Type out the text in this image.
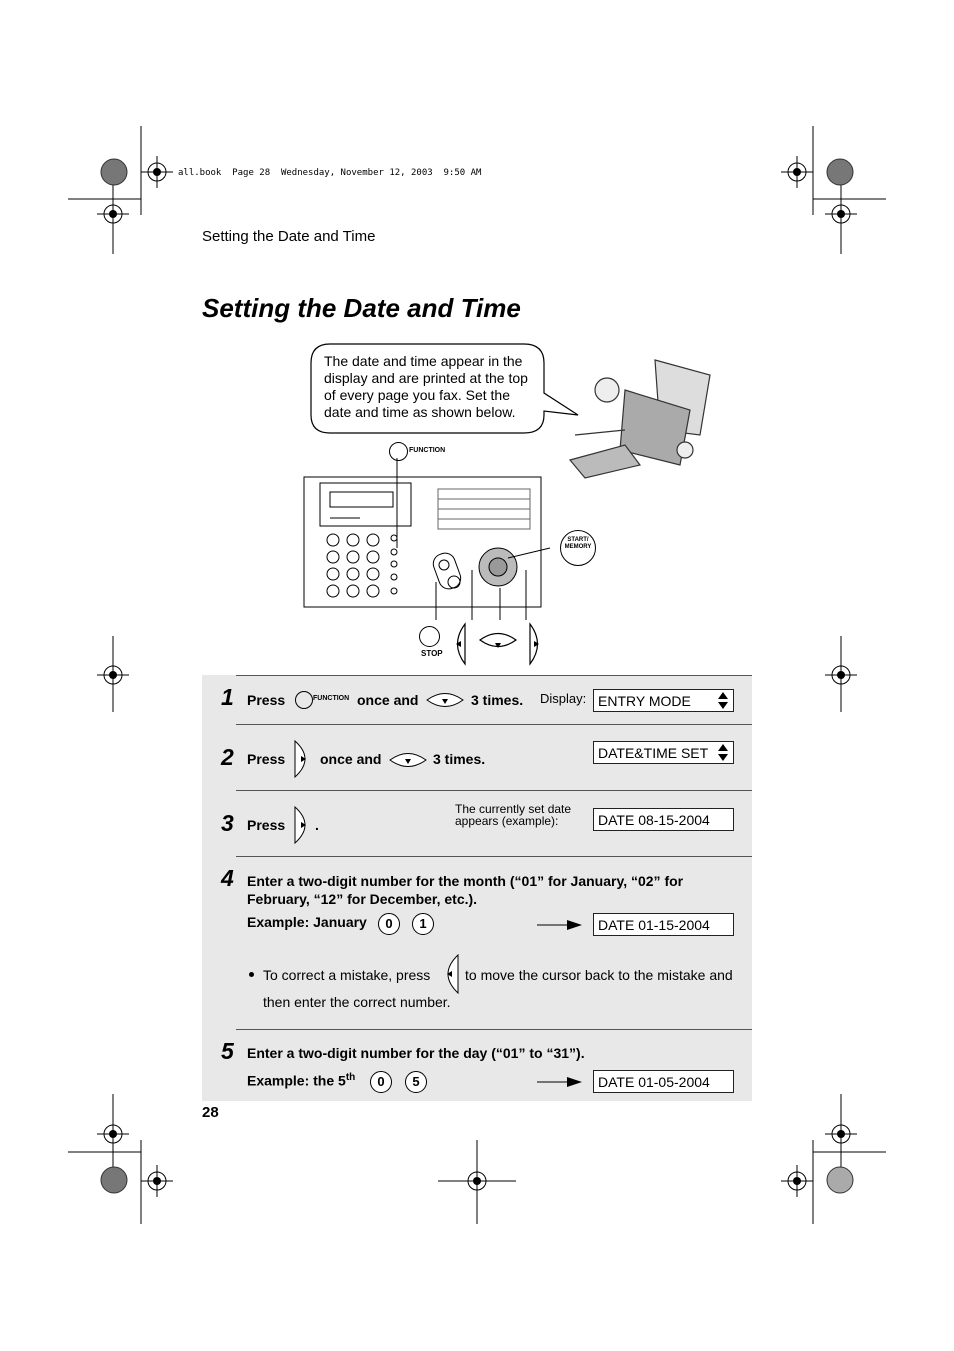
all.book  Page 28  Wednesday, November 12, 2003  9:50 AM
Setting the Date and Time
Setting the Date and Time
The date and time appear in the display and are printed at the top of every page you fax. Set the date and time as shown below.
FUNCTION
START/
MEMORY
STOP
1 Press	FUNCTION once and	3 times. Display: ENTRY MODE
2 Press once and	3 times.	DATE&TIME SET
3 Press .
The currently set date appears (example):	DATE 08-15-2004
4 Enter a two-digit number for the month (“01” for January, “02” for February, “12” for December, etc.).
Example: January	0	1	DATE 01-15-2004
To correct a mistake, press to move the cursor back to the mistake and
then enter the correct number.
5 Enter a two-digit number for the day (“01” to “31”).
Example: the 5th	0	5	DATE 01-05-2004
28
